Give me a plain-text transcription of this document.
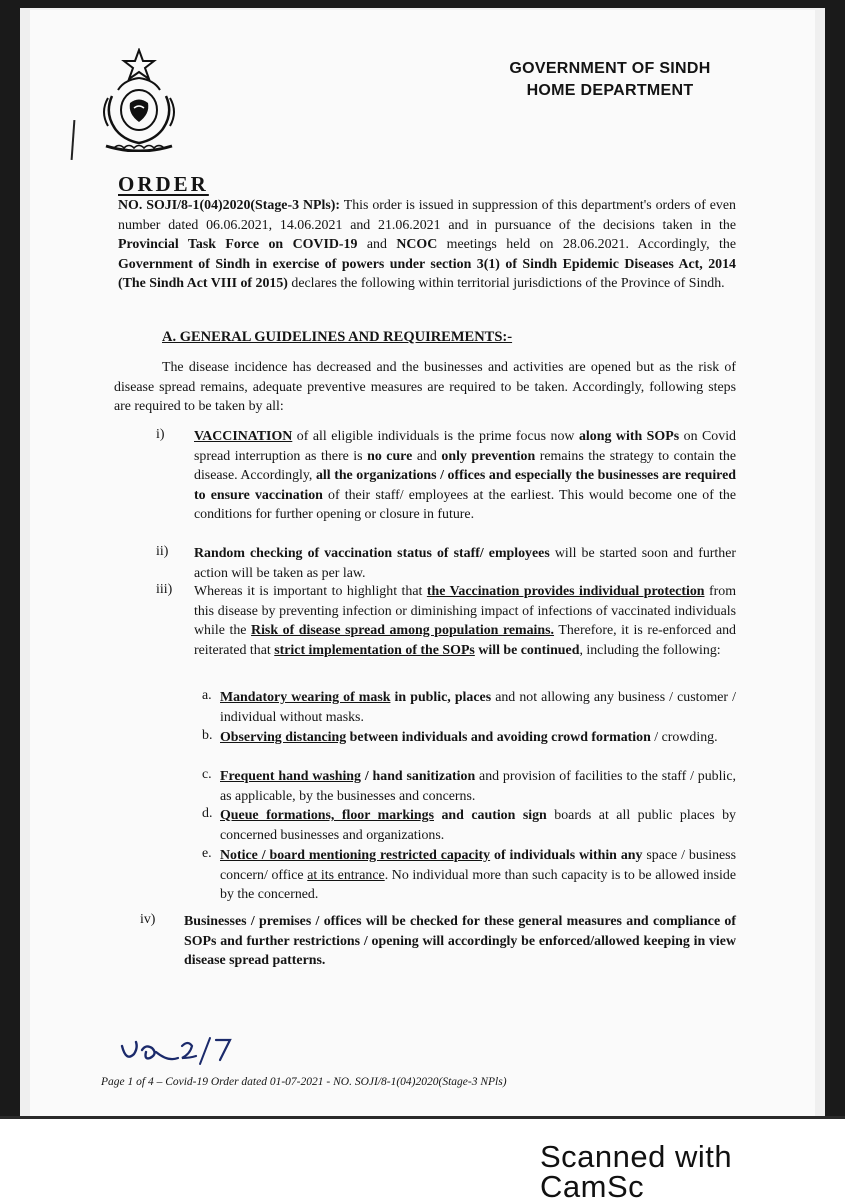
GOVERNMENT OF SINDH
HOME DEPARTMENT
ORDER
NO. SOJI/8-1(04)2020(Stage-3 NPls): This order is issued in suppression of this department's orders of even number dated 06.06.2021, 14.06.2021 and 21.06.2021 and in pursuance of the decisions taken in the Provincial Task Force on COVID-19 and NCOC meetings held on 28.06.2021. Accordingly, the Government of Sindh in exercise of powers under section 3(1) of Sindh Epidemic Diseases Act, 2014 (The Sindh Act VIII of 2015) declares the following within territorial jurisdictions of the Province of Sindh.
A. GENERAL GUIDELINES AND REQUIREMENTS:-
The disease incidence has decreased and the businesses and activities are opened but as the risk of disease spread remains, adequate preventive measures are required to be taken. Accordingly, following steps are required to be taken by all:
i) VACCINATION of all eligible individuals is the prime focus now along with SOPs on Covid spread interruption as there is no cure and only prevention remains the strategy to contain the disease. Accordingly, all the organizations / offices and especially the businesses are required to ensure vaccination of their staff/ employees at the earliest. This would become one of the conditions for further opening or closure in future.
ii) Random checking of vaccination status of staff/ employees will be started soon and further action will be taken as per law.
iii) Whereas it is important to highlight that the Vaccination provides individual protection from this disease by preventing infection or diminishing impact of infections of vaccinated individuals while the Risk of disease spread among population remains. Therefore, it is re-enforced and reiterated that strict implementation of the SOPs will be continued, including the following:
a. Mandatory wearing of mask in public, places and not allowing any business / customer / individual without masks.
b. Observing distancing between individuals and avoiding crowd formation / crowding.
c. Frequent hand washing / hand sanitization and provision of facilities to the staff / public, as applicable, by the businesses and concerns.
d. Queue formations, floor markings and caution sign boards at all public places by concerned businesses and organizations.
e. Notice / board mentioning restricted capacity of individuals within any space / business concern/ office at its entrance. No individual more than such capacity is to be allowed inside by the concerned.
iv) Businesses / premises / offices will be checked for these general measures and compliance of SOPs and further restrictions / opening will accordingly be enforced/allowed keeping in view disease spread patterns.
Page 1 of 4 – Covid-19 Order dated 01-07-2021 - NO. SOJI/8-1(04)2020(Stage-3 NPls)
Scanned with CamSc
